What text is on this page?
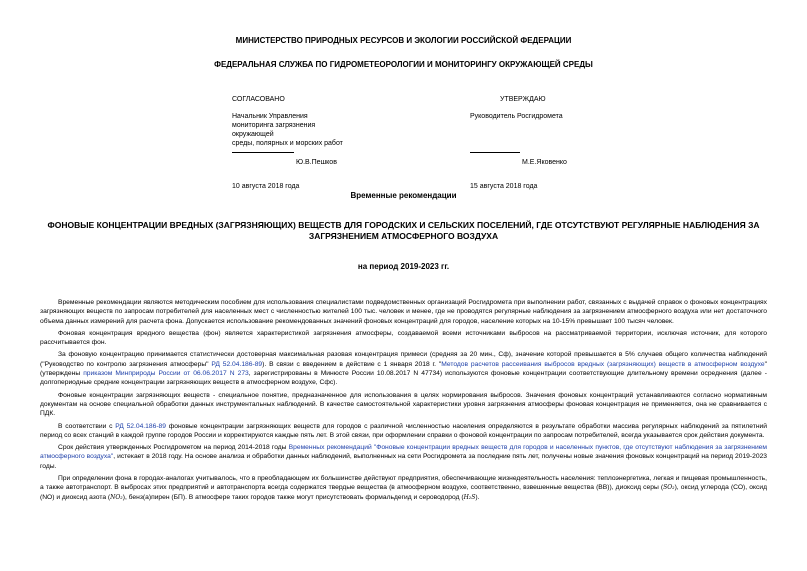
МИНИСТЕРСТВО ПРИРОДНЫХ РЕСУРСОВ И ЭКОЛОГИИ РОССИЙСКОЙ ФЕДЕРАЦИИ
ФЕДЕРАЛЬНАЯ СЛУЖБА ПО ГИДРОМЕТЕОРОЛОГИИ И МОНИТОРИНГУ ОКРУЖАЮЩЕЙ СРЕДЫ
СОГЛАСОВАНО
Начальник Управления
мониторинга загрязнения
окружающей
среды, полярных и морских работ
Ю.В.Пешков
10 августа 2018 года
УТВЕРЖДАЮ
Руководитель Росгидромета
М.Е.Яковенко
15 августа 2018 года
Временные рекомендации
ФОНОВЫЕ КОНЦЕНТРАЦИИ ВРЕДНЫХ (ЗАГРЯЗНЯЮЩИХ) ВЕЩЕСТВ ДЛЯ ГОРОДСКИХ И СЕЛЬСКИХ ПОСЕЛЕНИЙ, ГДЕ ОТСУТСТВУЮТ РЕГУЛЯРНЫЕ НАБЛЮДЕНИЯ ЗА ЗАГРЯЗНЕНИЕМ АТМОСФЕРНОГО ВОЗДУХА
на период 2019-2023 гг.

Временные рекомендации являются методическим пособием для использования специалистами подведомственных организаций Росгидромета при выполнении работ, связанных с выдачей справок о фоновых концентрациях загрязняющих веществ по запросам потребителей для населенных мест с численностью жителей 100 тыс. человек и менее, где не проводятся регулярные наблюдения за загрязнением атмосферного воздуха или нет достаточного объема данных измерений для расчета фона. Допускается использование рекомендованных значений фоновых концентраций для городов, население которых на 10-15% превышает 100 тысяч человек.

Фоновая концентрация вредного вещества (фон) является характеристикой загрязнения атмосферы, создаваемой всеми источниками выбросов на рассматриваемой территории, исключая источник, для которого рассчитывается фон.

За фоновую концентрацию принимается статистически достоверная максимальная разовая концентрация примеси (средняя за 20 мин., Сф), значение которой превышается в 5% случаев общего количества наблюдений ("Руководство по контролю загрязнения атмосферы" РД 52.04.186-89). В связи с введением в действие с 1 января 2018 г. "Методов расчетов рассеивания выбросов вредных (загрязняющих) веществ в атмосферном воздухе" (утверждены приказом Минприроды России от 06.06.2017 N 273, зарегистрированы в Минюсте России 10.08.2017 N 47734) используются фоновые концентрации соответствующие длительному времени осреднения (далее - долгопериодные средние концентрации загрязняющих веществ в атмосферном воздухе, Сфс).

Фоновые концентрации загрязняющих веществ - специальное понятие, предназначенное для использования в целях нормирования выбросов. Значения фоновых концентраций устанавливаются согласно нормативным документам на основе специальной обработки данных инструментальных наблюдений. В качестве самостоятельной характеристики уровня загрязнения атмосферы фоновая концентрация не применяется, она не сравнивается с ПДК.

В соответствии с РД 52.04.186-89 фоновые концентрации загрязняющих веществ для городов с различной численностью населения определяются в результате обработки массива регулярных наблюдений за пятилетний период со всех станций в каждой группе городов России и корректируются каждые пять лет. В этой связи, при оформлении справки о фоновой концентрации по запросам потребителей, всегда указывается срок действия документа.

Срок действия утвержденных Росгидрометом на период 2014-2018 годы Временных рекомендаций "Фоновые концентрации вредных веществ для городов и населенных пунктов, где отсутствуют наблюдения за загрязнением атмосферного воздуха", истекает в 2018 году. На основе анализа и обработки данных наблюдений, выполненных на сети Росгидромета за последние пять лет, получены новые значения фоновых концентраций на период 2019-2023 годы.

При определении фона в городах-аналогах учитывалось, что в преобладающем их большинстве действуют предприятия, обеспечивающие жизнедеятельность населения: теплоэнергетика, легкая и пищевая промышленность, а также автотранспорт. В выбросах этих предприятий и автотранспорта всегда содержатся твердые вещества (в атмосферном воздухе, соответственно, взвешенные вещества (ВВ)), диоксид серы (SO₂), оксид углерода (СО), оксид (NO) и диоксид азота (NO₂), бенз(а)пирен (БП). В атмосфере таких городов также могут присутствовать формальдегид и сероводород (H₂S).
